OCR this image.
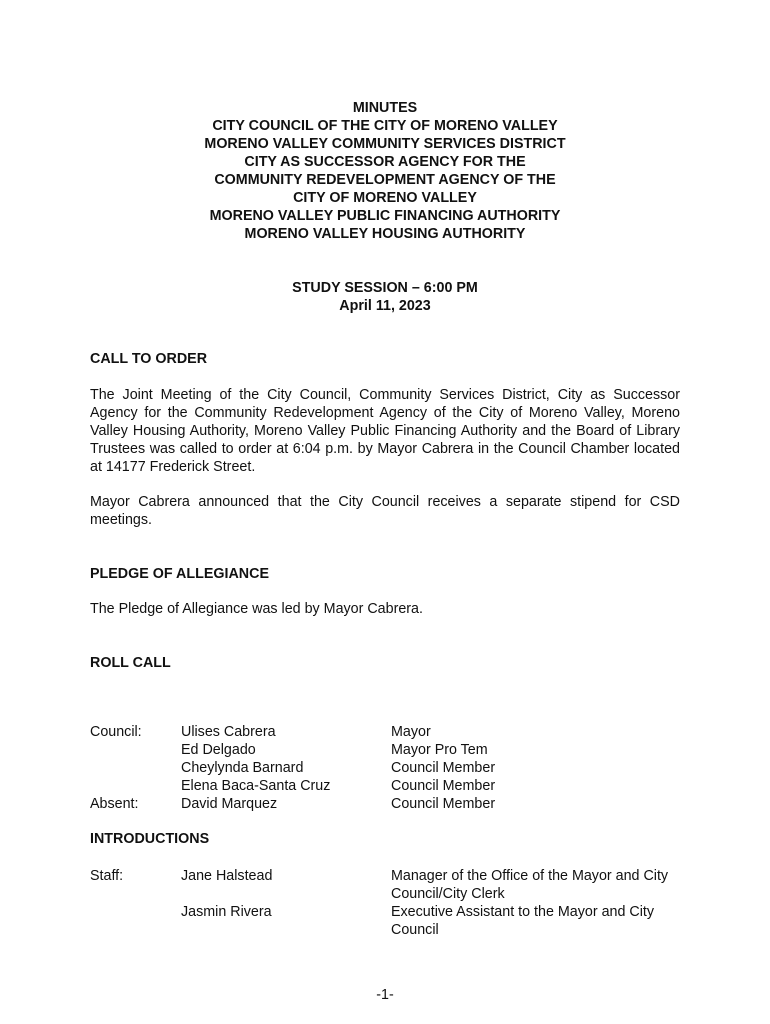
MINUTES
CITY COUNCIL OF THE CITY OF MORENO VALLEY
MORENO VALLEY COMMUNITY SERVICES DISTRICT
CITY AS SUCCESSOR AGENCY FOR THE
COMMUNITY REDEVELOPMENT AGENCY OF THE
CITY OF MORENO VALLEY
MORENO VALLEY PUBLIC FINANCING AUTHORITY
MORENO VALLEY HOUSING AUTHORITY
STUDY SESSION – 6:00 PM
April 11, 2023
CALL TO ORDER
The Joint Meeting of the City Council, Community Services District, City as Successor Agency for the Community Redevelopment Agency of the City of Moreno Valley, Moreno Valley Housing Authority, Moreno Valley Public Financing Authority and the Board of Library Trustees was called to order at 6:04 p.m. by Mayor Cabrera in the Council Chamber located at 14177 Frederick Street.
Mayor Cabrera announced that the City Council receives a separate stipend for CSD meetings.
PLEDGE OF ALLEGIANCE
The Pledge of Allegiance was led by Mayor Cabrera.
ROLL CALL
Council:
Absent:
Ulises Cabrera
Ed Delgado
Cheylynda Barnard
Elena Baca-Santa Cruz
David Marquez
Mayor
Mayor Pro Tem
Council Member
Council Member
Council Member
INTRODUCTIONS
Staff:	Jane Halstead
Jasmin Rivera
Manager of the Office of the Mayor and City
Council/City Clerk
Executive Assistant to the Mayor and City
Council
-1-
